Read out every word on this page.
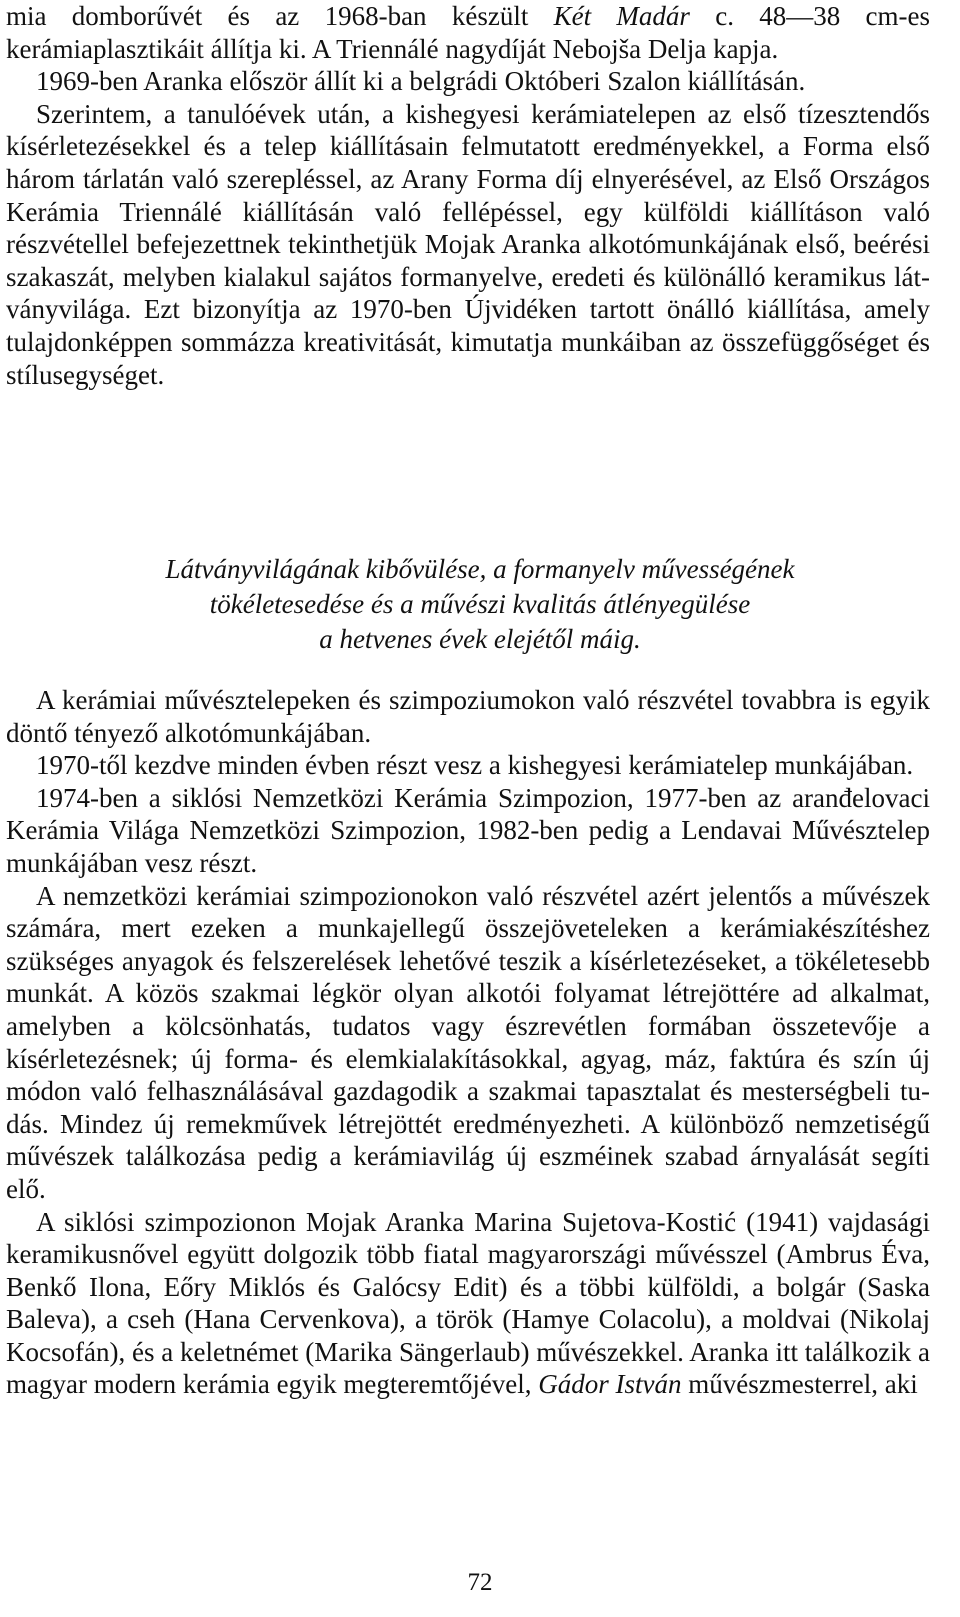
mia domborűvét és az 1968-ban készült Két Madár c. 48—38 cm-es kerámiaplasztikáit állítja ki. A Triennálé nagydíját Nebojša Delja kapja.

1969-ben Aranka először állít ki a belgrádi Októberi Szalon kiállításán.

Szerintem, a tanulóévek után, a kishegyesi kerámiatelepen az első tízesztendős kísérletezésekkel és a telep kiállításain felmutatott eredményekkel, a Forma első három tárlatán való szerepléssel, az Arany Forma díj elnyerésével, az Első Országos Kerámia Triennálé kiállításán való fellépéssel, egy külföldi kiállításon való részvétellel befejezettnek tekinthetjük Mojak Aranka alkotómunkájának első, beérési szakaszát, melyben kialakul sajátos formanyelve, eredeti és különálló keramikus látványvilága. Ezt bizonyítja az 1970-ben Újvidéken tartott önálló kiállítása, amely tulajdonképpen sommázza kreativitását, kimutatja munkáiban az összefüggőséget és stílusegységet.

Látványvilágának kibővülése, a formanyelv művességének
tökéletesedése és a művészi kvalitás átlényegülése
a hetvenes évek elejétől máig.

A kerámiai művésztelepeken és szimpoziumokon való részvétel tovabbra is egyik döntő tényező alkotómunkájában.

1970-től kezdve minden évben részt vesz a kishegyesi kerámiatelep munkájában.

1974-ben a siklósi Nemzetközi Kerámia Szimpozion, 1977-ben az aranđelovaci Kerámia Világa Nemzetközi Szimpozion, 1982-ben pedig a Lendavai Művésztelep munkájában vesz részt.

A nemzetközi kerámiai szimpozionokon való részvétel azért jelentős a művészek számára, mert ezeken a munkajellegű összejöveteleken a kerámiakészítéshez szükséges anyagok és felszerelések lehetővé teszik a kísérletezéseket, a tökéletesebb munkát. A közös szakmai légkör olyan alkotói folyamat létrejöttére ad alkalmat, amelyben a kölcsönhatás, tudatos vagy észrevétlen formában összetevője a kísérletezésnek; új forma- és elemkialakításokkal, agyag, máz, faktúra és szín új módon való felhasználásával gazdagodik a szakmai tapasztalat és mesterségbeli tudás. Mindez új remekművek létrejöttét eredményezheti. A különböző nemzetiségű művészek találkozása pedig a kerámiavilág új eszméinek szabad árnyalását segíti elő.

A siklósi szimpozionon Mojak Aranka Marina Sujetova-Kostić (1941) vajdasági keramikusnővel együtt dolgozik több fiatal magyarországi művésszel (Ambrus Éva, Benkő Ilona, Eőry Miklós és Galócsy Edit) és a többi külföldi, a bolgár (Saska Baleva), a cseh (Hana Cervenkova), a török (Hamye Colacolu), a moldvai (Nikolaj Kocsofán), és a keletnémet (Marika Sängerlaub) művészekkel. Aranka itt találkozik a magyar modern kerámia egyik megteremtőjével, Gádor István művészmesterrel, aki

72
